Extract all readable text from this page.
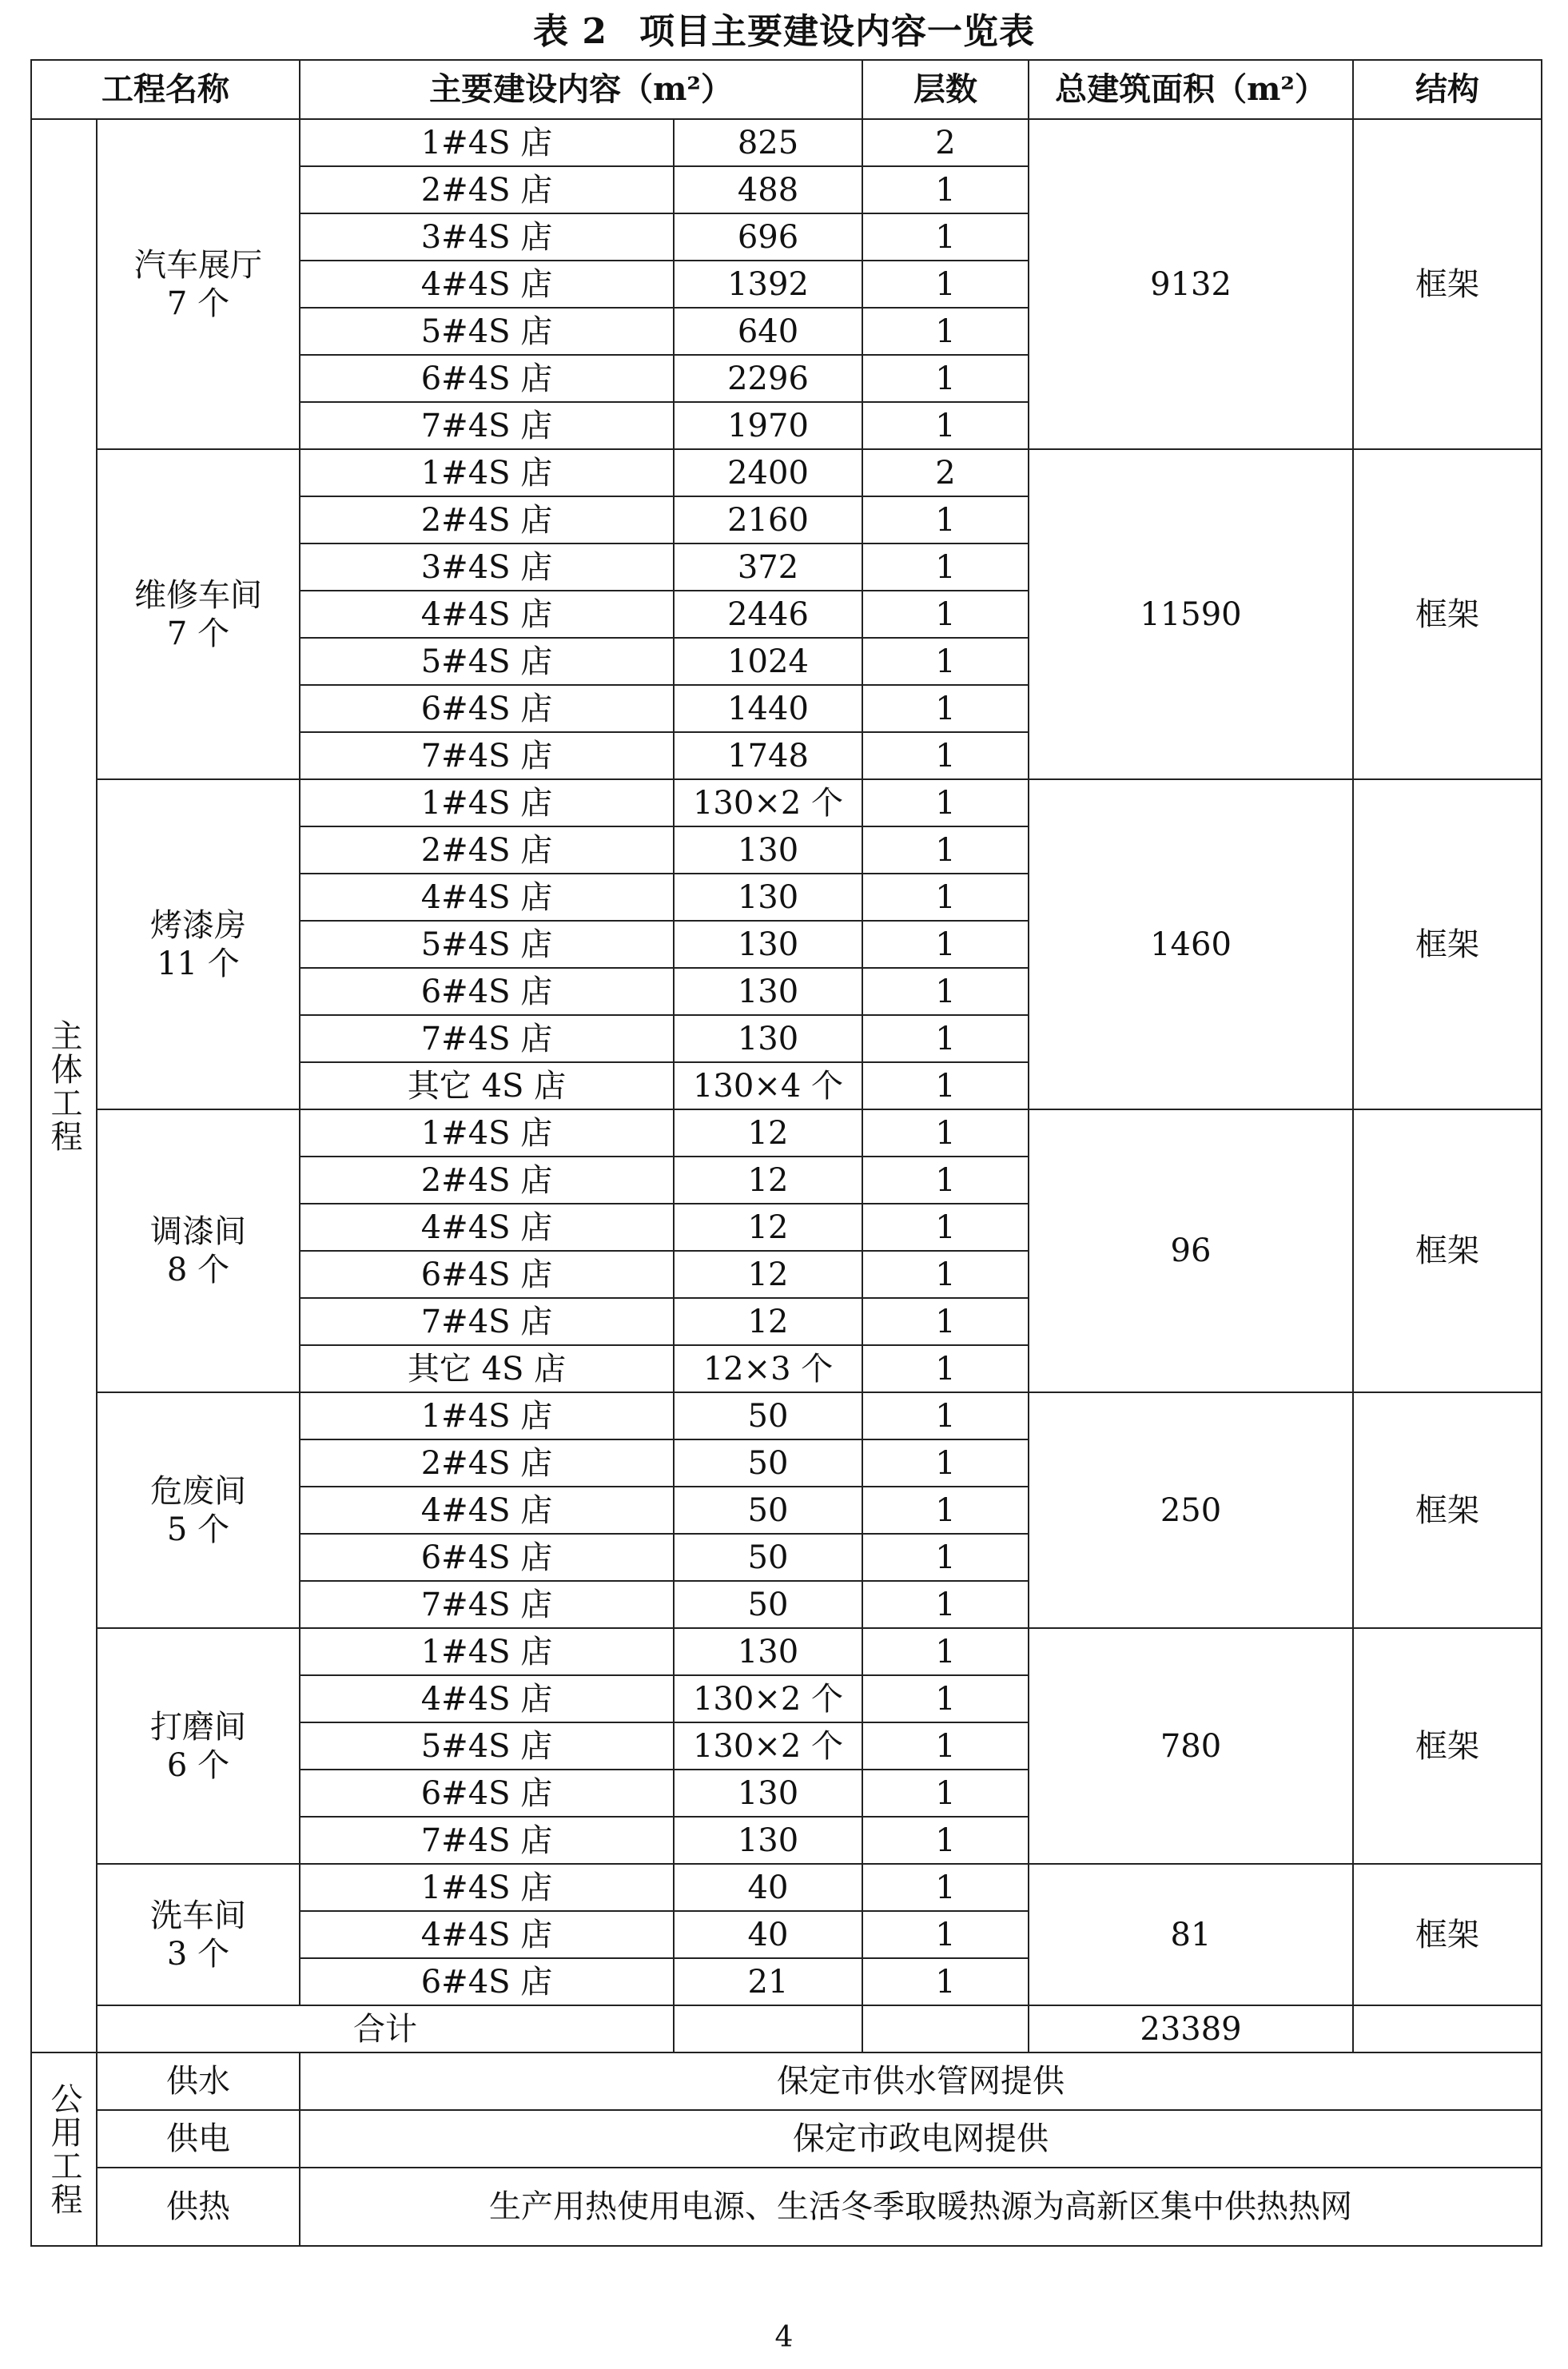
表 2 项目主要建设内容一览表
工程名称		主要建设内容（m²）		层数	总建筑面积（m²）	结构

主体工程	汽车展厅
7 个	1#4S 店	825	2	9132	框架
		2#4S 店	488	1		
		3#4S 店	696	1		
		4#4S 店	1392	1		
		5#4S 店	640	1		
		6#4S 店	2296	1		
		7#4S 店	1970	1		

	维修车间
7 个	1#4S 店	2400	2	11590	框架
		2#4S 店	2160	1		
		3#4S 店	372	1		
		4#4S 店	2446	1		
		5#4S 店	1024	1		
		6#4S 店	1440	1		
		7#4S 店	1748	1		

	烤漆房
11 个	1#4S 店	130×2 个	1	1460	框架
		2#4S 店	130	1		
		4#4S 店	130	1		
		5#4S 店	130	1		
		6#4S 店	130	1		
		7#4S 店	130	1		
		其它 4S 店	130×4 个	1		

	调漆间
8 个	1#4S 店	12	1	96	框架
		2#4S 店	12	1		
		4#4S 店	12	1		
		6#4S 店	12	1		
		7#4S 店	12	1		
		其它 4S 店	12×3 个	1		

	危废间
5 个	1#4S 店	50	1	250	框架
		2#4S 店	50	1		
		4#4S 店	50	1		
		6#4S 店	50	1		
		7#4S 店	50	1		

	打磨间
6 个	1#4S 店	130	1	780	框架
		4#4S 店	130×2 个	1		
		5#4S 店	130×2 个	1		
		6#4S 店	130	1		
		7#4S 店	130	1		

	洗车间
3 个	1#4S 店	40	1	81	框架
		4#4S 店	40	1		
		6#4S 店	21	1		
	合计				23389	

公用工程	供水	保定市供水管网提供				
	供电	保定市政电网提供				
	供热	生产用热使用电源、生活冬季取暖热源为高新区集中供热热网				
4
